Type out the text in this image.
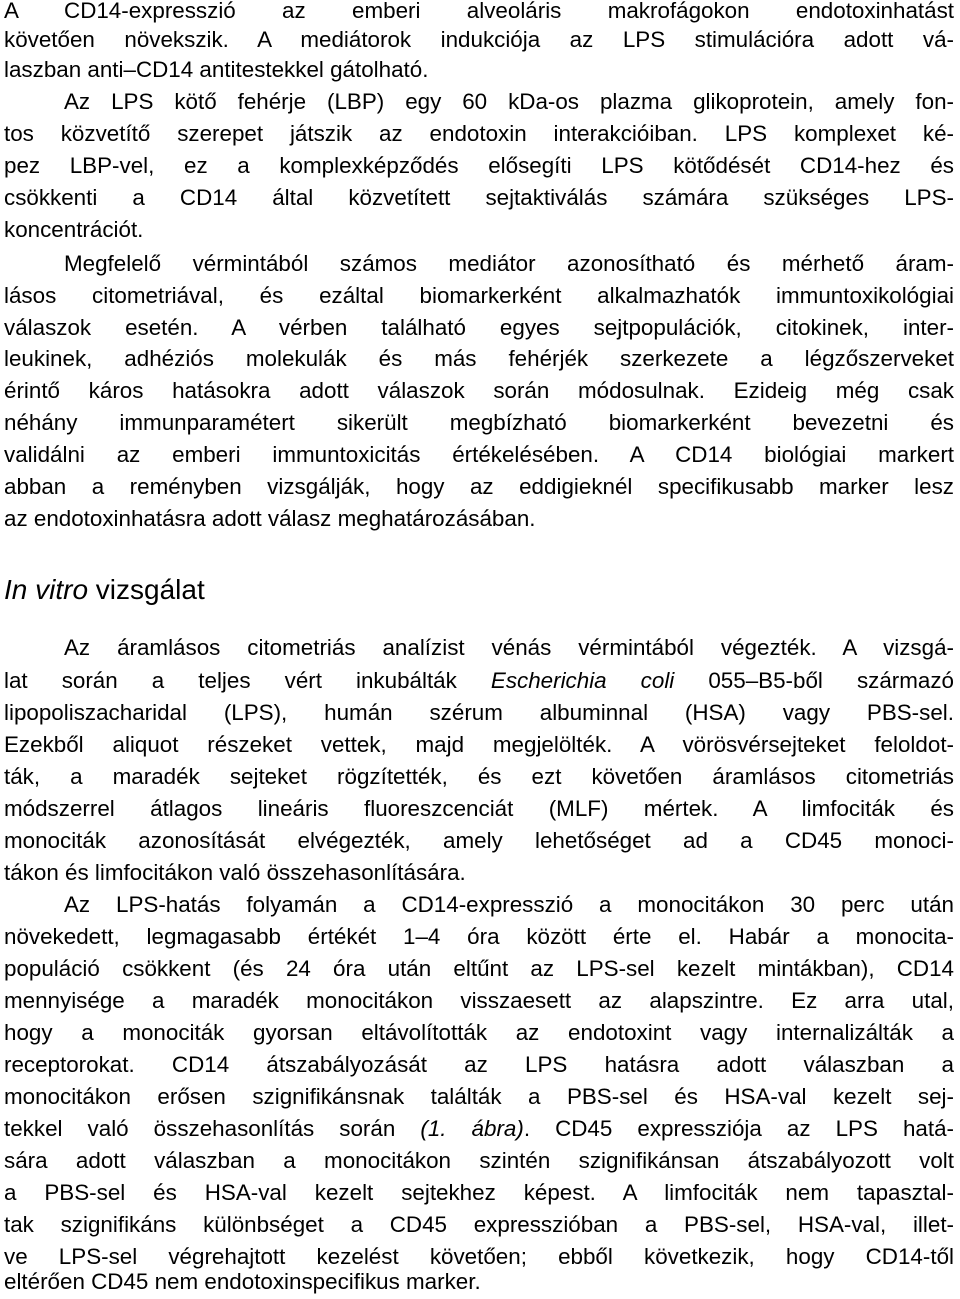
A CD14-expresszió az emberi alveoláris makrofágokon endotoxinhatást
követően növekszik. A mediátorok indukciója az LPS stimulációra adott vá-
laszban anti–CD14 antitestekkel gátolható.
Az LPS kötő fehérje (LBP) egy 60 kDa-os plazma glikoprotein, amely fon-
tos közvetítő szerepet játszik az endotoxin interakcióiban. LPS komplexet ké-
pez LBP-vel, ez a komplexképződés elősegíti LPS kötődését CD14-hez és
csökkenti a CD14 által közvetített sejtaktiválás számára szükséges LPS-
koncentrációt.
Megfelelő vérmintából számos mediátor azonosítható és mérhető áram-
lásos citometriával, és ezáltal biomarkerként alkalmazhatók immuntoxikológiai
válaszok esetén. A vérben található egyes sejtpopulációk, citokinek, inter-
leukinek, adhéziós molekulák és más fehérjék szerkezete a légzőszerveket
érintő káros hatásokra adott válaszok során módosulnak. Ezideig még csak
néhány immunparamétert sikerült megbízható biomarkerként bevezetni és
validálni az emberi immuntoxicitás értékelésében. A CD14 biológiai markert
abban a reményben vizsgálják, hogy az eddigieknél specifikusabb marker lesz
az endotoxinhatásra adott válasz meghatározásában.
In vitro vizsgálat
Az áramlásos citometriás analízist vénás vérmintából végezték. A vizsgá-
lat során a teljes vért inkubálták Escherichia coli 055–B5-ből származó
lipopoliszacharidal (LPS), humán szérum albuminnal (HSA) vagy PBS-sel.
Ezekből aliquot részeket vettek, majd megjelölték. A vörösvérsejteket feloldot-
ták, a maradék sejteket rögzítették, és ezt követően áramlásos citometriás
módszerrel átlagos lineáris fluoreszcenciát (MLF) mértek. A limfociták és
monociták azonosítását elvégezték, amely lehetőséget ad a CD45 monoci-
tákon és limfocitákon való összehasonlítására.
Az LPS-hatás folyamán a CD14-expresszió a monocitákon 30 perc után
növekedett, legmagasabb értékét 1–4 óra között érte el. Habár a monocita-
populáció csökkent (és 24 óra után eltűnt az LPS-sel kezelt mintákban), CD14
mennyisége a maradék monocitákon visszaesett az alapszintre. Ez arra utal,
hogy a monociták gyorsan eltávolították az endotoxint vagy internalizálták a
receptorokat. CD14 átszabályozását az LPS hatásra adott válaszban a
monocitákon erősen szignifikánsnak találták a PBS-sel és HSA-val kezelt sej-
tekkel való összehasonlítás során (1. ábra). CD45 expressziója az LPS hatá-
sára adott válaszban a monocitákon szintén szignifikánsan átszabályozott volt
a PBS-sel és HSA-val kezelt sejtekhez képest. A limfociták nem tapasztal-
tak szignifikáns különbséget a CD45 expresszióban a PBS-sel, HSA-val, illet-
ve LPS-sel végrehajtott kezelést követően; ebből következik, hogy CD14-től
eltérően CD45 nem endotoxinspecifikus marker.
